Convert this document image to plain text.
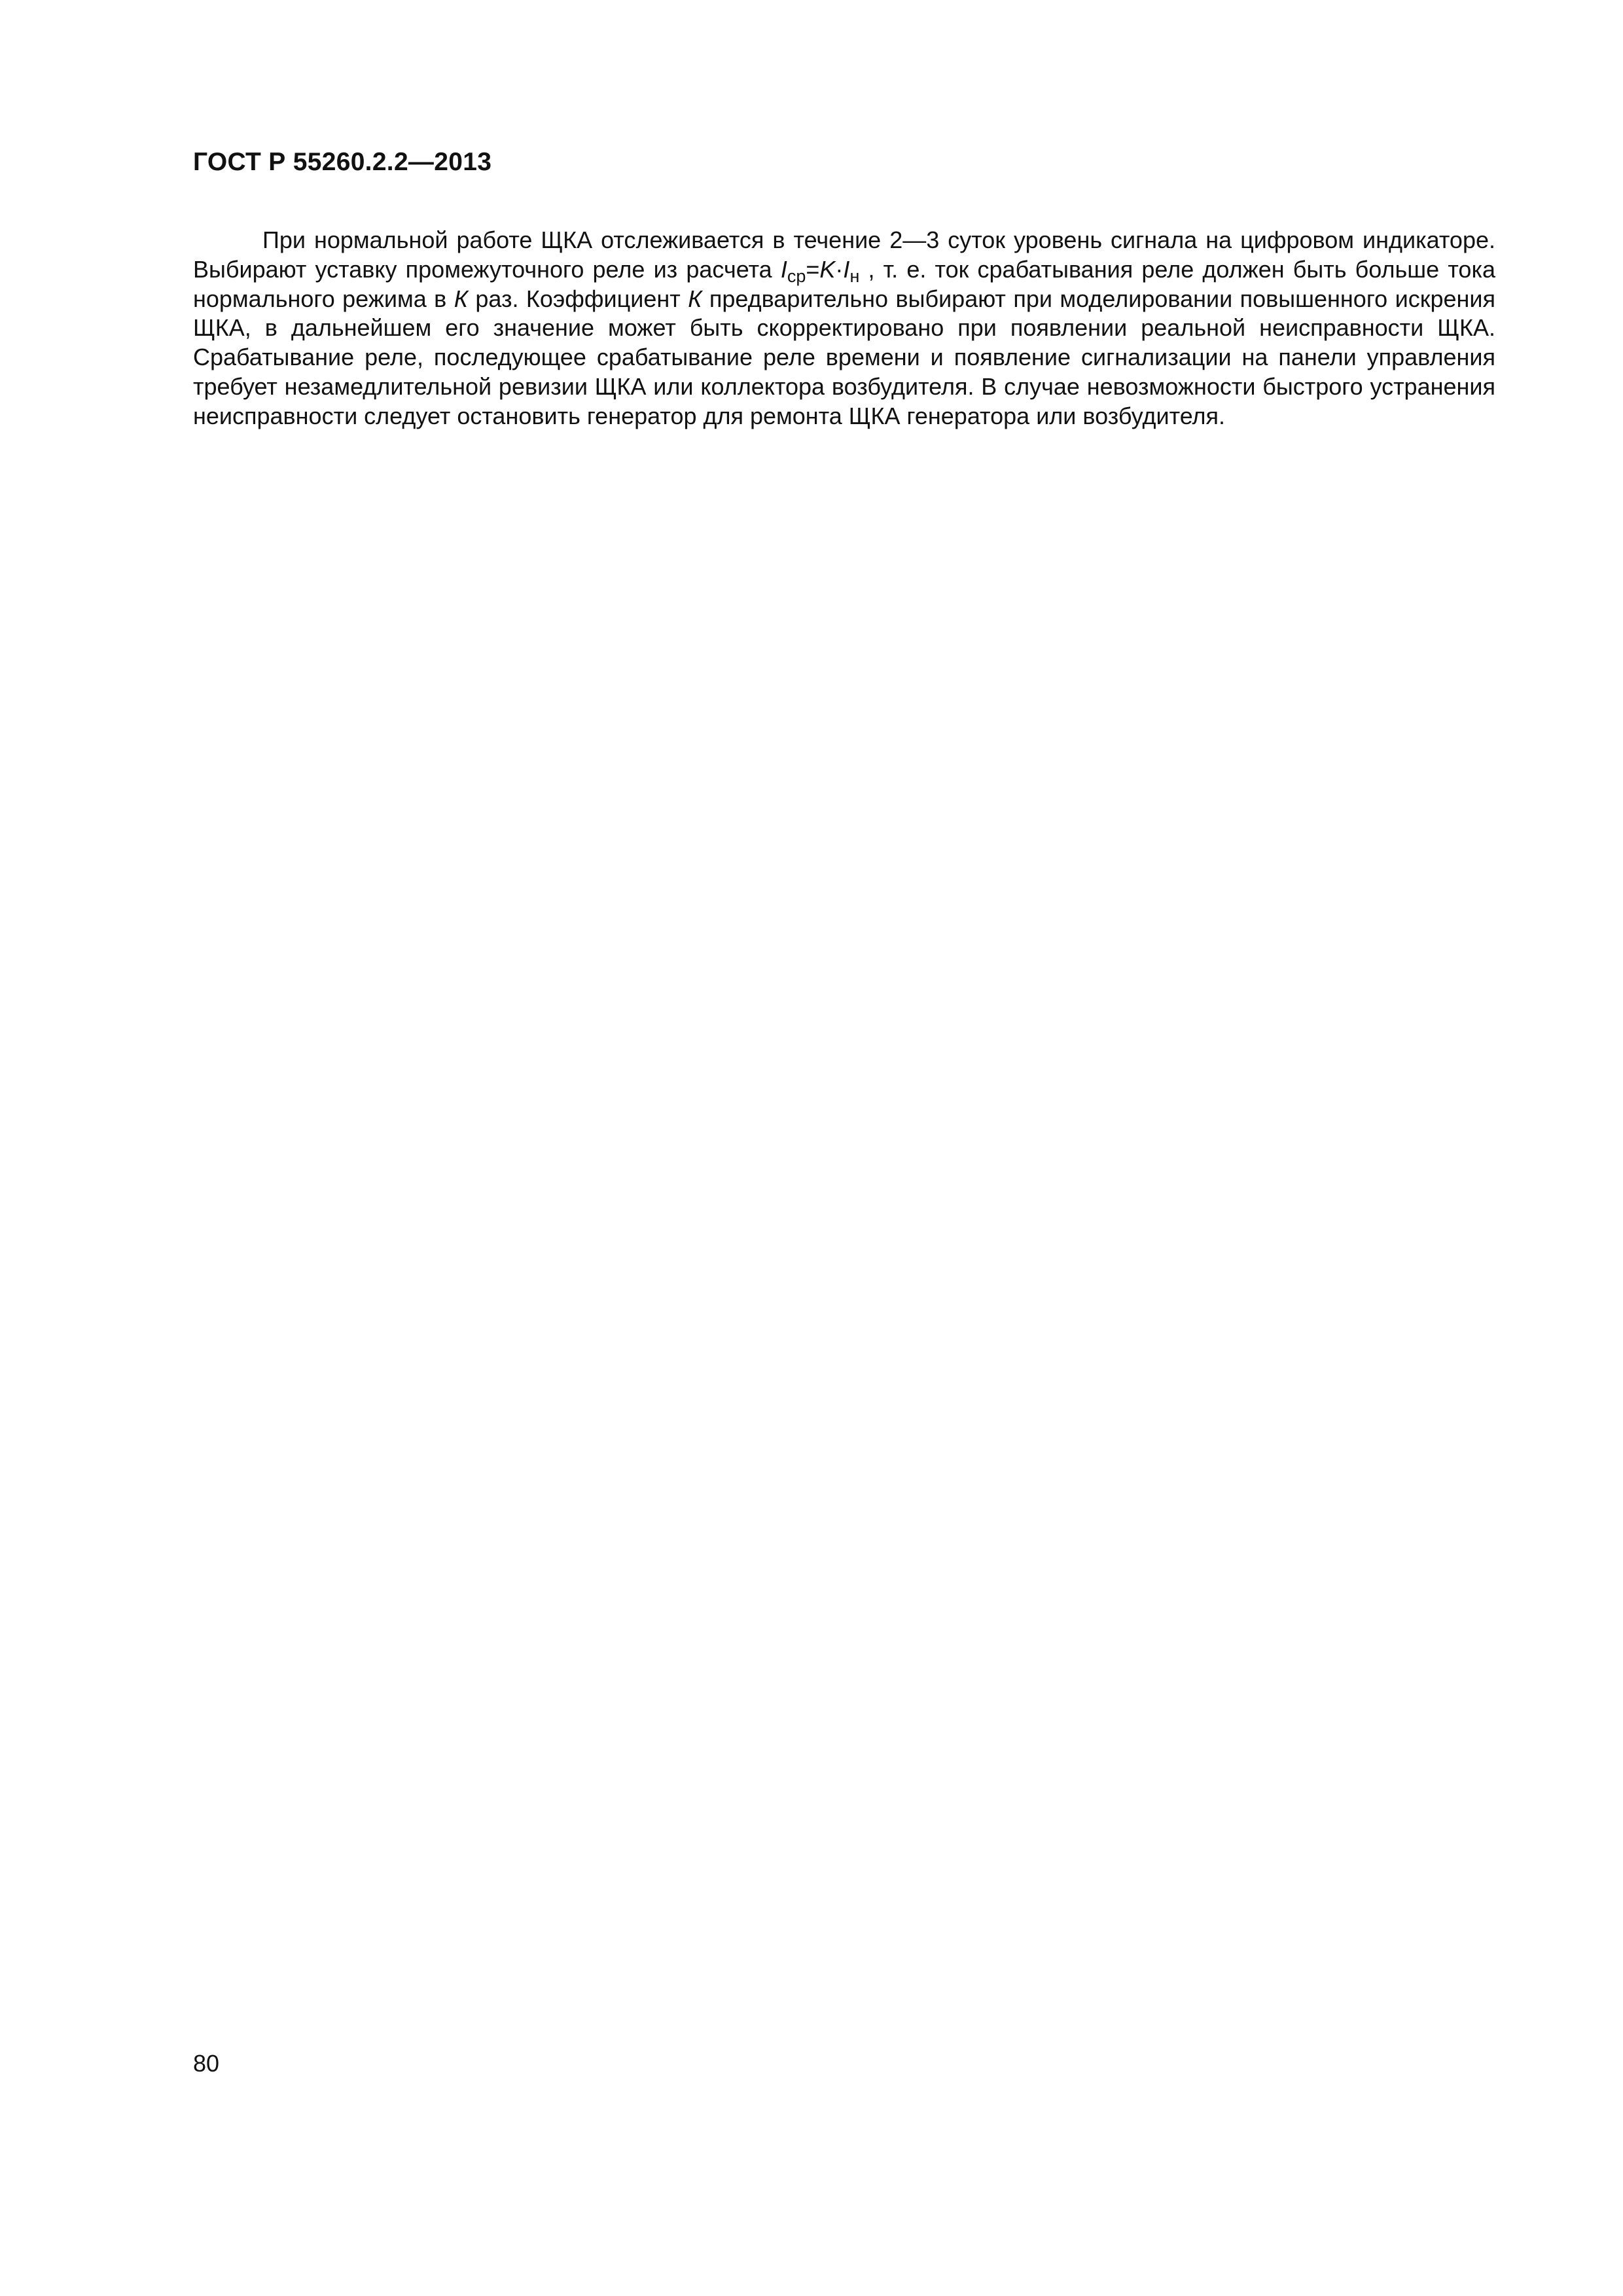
ГОСТ Р 55260.2.2—2013

При нормальной работе ЩКА отслеживается в течение 2—3 суток уровень сигнала на цифровом индикаторе. Выбирают уставку промежуточного реле из расчета $I_{ср}=K\cdot I_н$ , т. е. ток срабатывания реле должен быть больше тока нормального режима в К раз. Коэффициент К предварительно выбирают при моделировании повышенного искрения ЩКА, в дальнейшем его значение может быть скорректировано при появлении реальной неисправности ЩКА. Срабатывание реле, последующее срабатывание реле времени и появление сигнализации на панели управления требует незамедлительной ревизии ЩКА или коллектора возбудителя. В случае невозможности быстрого устранения неисправности следует остановить генератор для ремонта ЩКА генератора или возбудителя.

80
